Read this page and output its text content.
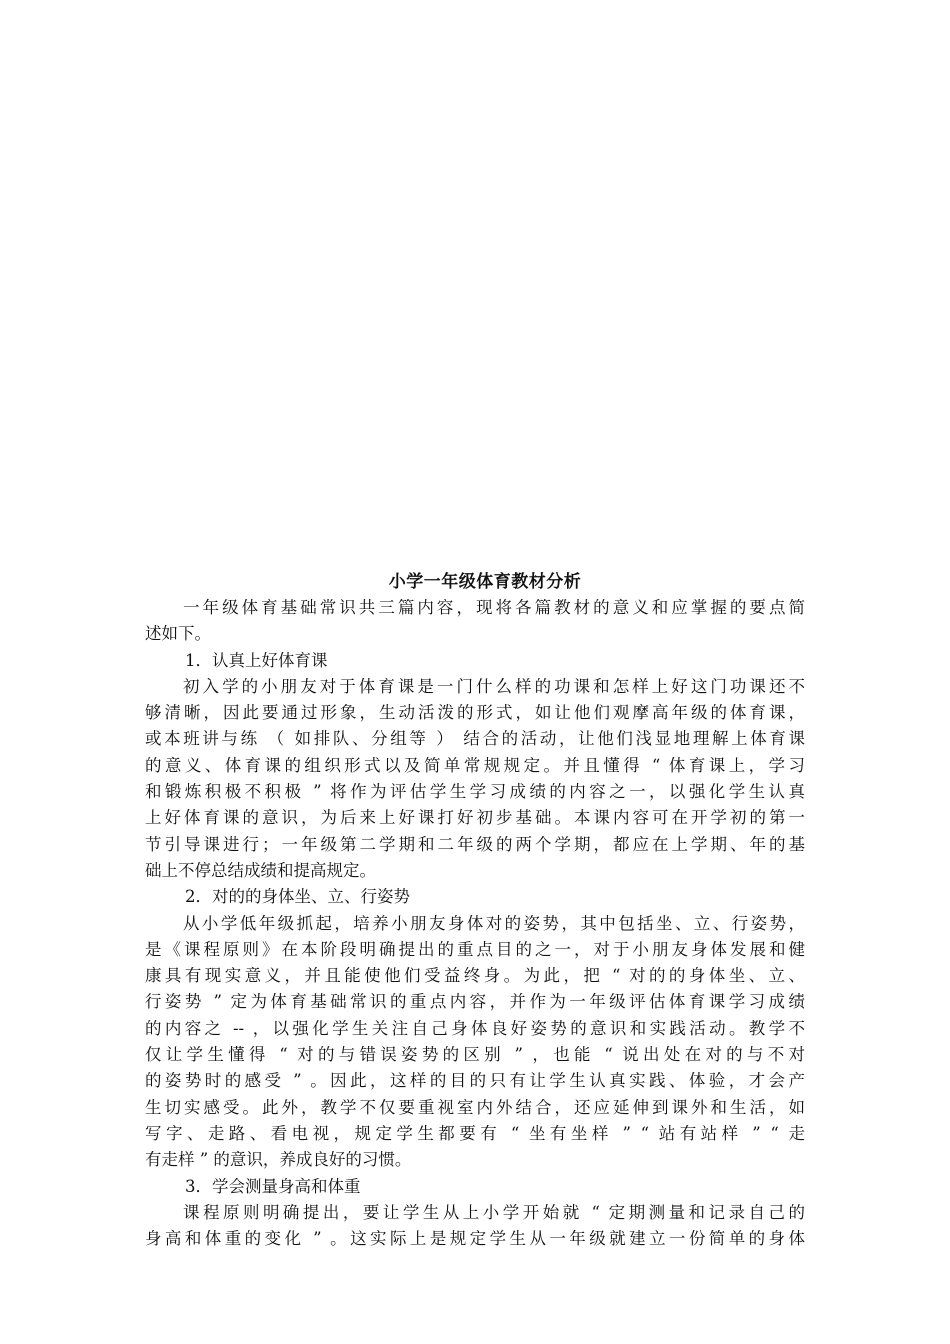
小学一年级体育教材分析

一年级体育基础常识共三篇内容，现将各篇教材的意义和应掌握的要点简

述如下。

1．认真上好体育课

初入学的小朋友对于体育课是一门什么样的功课和怎样上好这门功课还不

够清晰，因此要通过形象，生动活泼的形式，如让他们观摩高年级的体育课，

或本班讲与练 （ 如排队、分组等 ） 结合的活动，让他们浅显地理解上体育课

的意义、体育课的组织形式以及简单常规规定。并且懂得 “ 体育课上，学习

和锻炼积极不积极 ” 将作为评估学生学习成绩的内容之一，以强化学生认真

上好体育课的意识，为后来上好课打好初步基础。本课内容可在开学初的第一

节引导课进行；一年级第二学期和二年级的两个学期，都应在上学期、年的基

础上不停总结成绩和提高规定。

2．对的的身体坐、立、行姿势

从小学低年级抓起，培养小朋友身体对的姿势，其中包括坐、立、行姿势，

是《课程原则》在本阶段明确提出的重点目的之一，对于小朋友身体发展和健

康具有现实意义，并且能使他们受益终身。为此，把 “ 对的的身体坐、立、

行姿势 ” 定为体育基础常识的重点内容，并作为一年级评估体育课学习成绩

的内容之 -- ，以强化学生关注自己身体良好姿势的意识和实践活动。教学不

仅让学生懂得 “ 对的与错误姿势的区别 ” ，也能 “ 说出处在对的与不对

的姿势时的感受 ” 。因此，这样的目的只有让学生认真实践、体验，才会产

生切实感受。此外，教学不仅要重视室内外结合，还应延伸到课外和生活，如

写字、走路、看电视，规定学生都要有 “ 坐有坐样 ” “ 站有站样 ” “ 走

有走样 ” 的意识，养成良好的习惯。

3．学会测量身高和体重

课程原则明确提出，要让学生从上小学开始就 “ 定期测量和记录自己的

身高和体重的变化 ” 。这实际上是规定学生从一年级就建立一份简单的身体
